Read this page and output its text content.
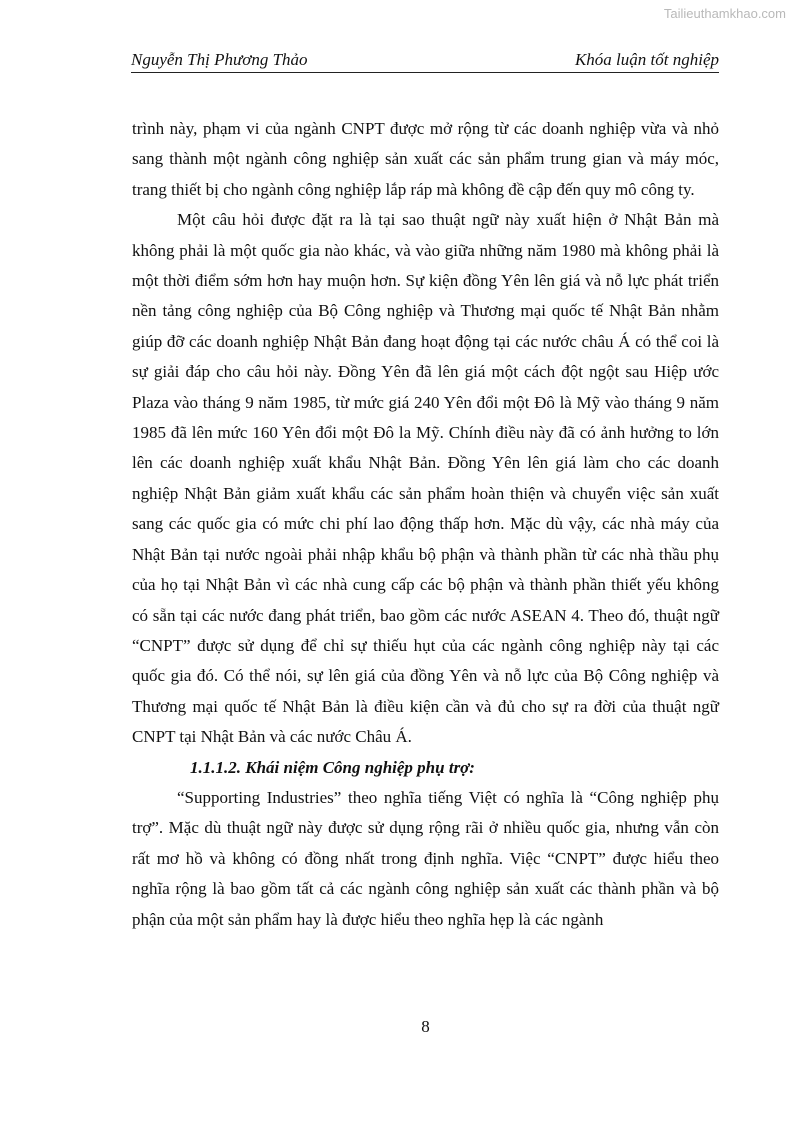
Tailieuthamkhao.com
Nguyễn Thị Phương Thảo	Khóa luận tốt nghiệp

trình này, phạm vi của ngành CNPT được mở rộng từ các doanh nghiệp vừa và nhỏ sang thành một ngành công nghiệp sản xuất các sản phẩm trung gian và máy móc, trang thiết bị cho ngành công nghiệp lắp ráp mà không đề cập đến quy mô công ty.

Một câu hỏi được đặt ra là tại sao thuật ngữ này xuất hiện ở Nhật Bản mà không phải là một quốc gia nào khác, và vào giữa những năm 1980 mà không phải là một thời điểm sớm hơn hay muộn hơn. Sự kiện đồng Yên lên giá và nỗ lực phát triển nền tảng công nghiệp của Bộ Công nghiệp và Thương mại quốc tế Nhật Bản nhằm giúp đỡ các doanh nghiệp Nhật Bản đang hoạt động tại các nước châu Á có thể coi là sự giải đáp cho câu hỏi này. Đồng Yên đã lên giá một cách đột ngột sau Hiệp ước Plaza vào tháng 9 năm 1985, từ mức giá 240 Yên đổi một Đô là Mỹ vào tháng 9 năm 1985 đã lên mức 160 Yên đổi một Đô la Mỹ. Chính điều này đã có ảnh hưởng to lớn lên các doanh nghiệp xuất khẩu Nhật Bản. Đồng Yên lên giá làm cho các doanh nghiệp Nhật Bản giảm xuất khẩu các sản phẩm hoàn thiện và chuyển việc sản xuất sang các quốc gia có mức chi phí lao động thấp hơn. Mặc dù vậy, các nhà máy của Nhật Bản tại nước ngoài phải nhập khẩu bộ phận và thành phần từ các nhà thầu phụ của họ tại Nhật Bản vì các nhà cung cấp các bộ phận và thành phần thiết yếu không có sẵn tại các nước đang phát triển, bao gồm các nước ASEAN 4. Theo đó, thuật ngữ “CNPT” được sử dụng để chỉ sự thiếu hụt của các ngành công nghiệp này tại các quốc gia đó. Có thể nói, sự lên giá của đồng Yên và nỗ lực của Bộ Công nghiệp và Thương mại quốc tế Nhật Bản là điều kiện cần và đủ cho sự ra đời của thuật ngữ CNPT tại Nhật Bản và các nước Châu Á.

1.1.1.2. Khái niệm Công nghiệp phụ trợ:

“Supporting Industries” theo nghĩa tiếng Việt có nghĩa là “Công nghiệp phụ trợ”. Mặc dù thuật ngữ này được sử dụng rộng rãi ở nhiều quốc gia, nhưng vẫn còn rất mơ hồ và không có đồng nhất trong định nghĩa. Việc “CNPT” được hiểu theo nghĩa rộng là bao gồm tất cả các ngành công nghiệp sản xuất các thành phần và bộ phận của một sản phẩm hay là được hiểu theo nghĩa hẹp là các ngành

8
